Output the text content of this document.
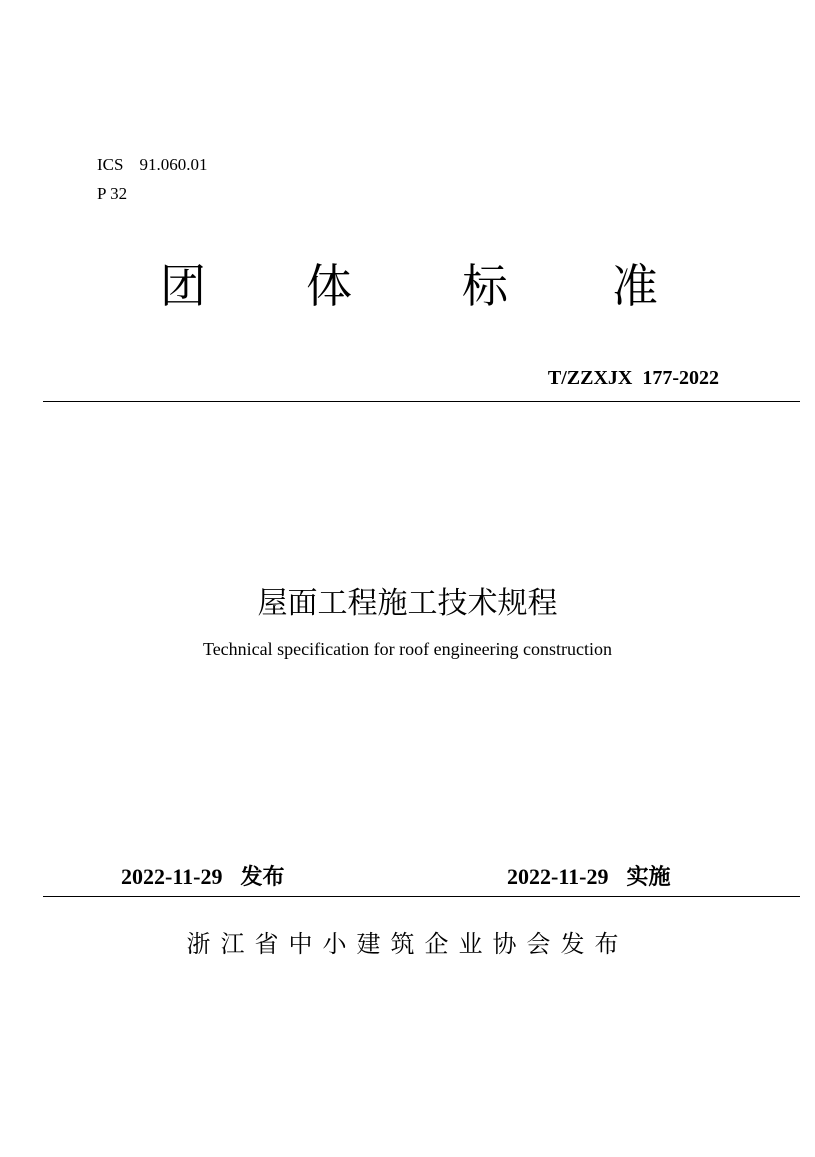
ICS 91.060.01
P 32
团 体 标 准
T/ZZXJX  177-2022
屋面工程施工技术规程
Technical specification for roof engineering construction
2022-11-29 发布	2022-11-29 实施
浙江省中小建筑企业协会发布
